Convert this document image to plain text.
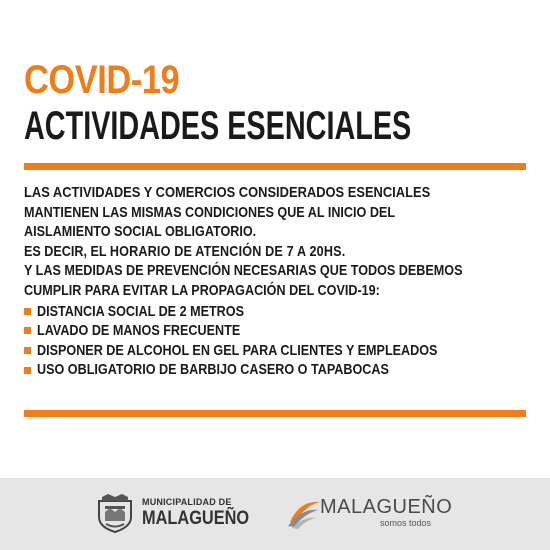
COVID-19
ACTIVIDADES ESENCIALES
LAS ACTIVIDADES Y COMERCIOS CONSIDERADOS ESENCIALES
MANTIENEN LAS MISMAS CONDICIONES QUE AL INICIO DEL
AISLAMIENTO SOCIAL OBLIGATORIO.
ES DECIR, EL HORARIO DE ATENCIÓN DE 7 A 20HS.
Y LAS MEDIDAS DE PREVENCIÓN NECESARIAS QUE TODOS DEBEMOS
CUMPLIR PARA EVITAR LA PROPAGACIÓN DEL COVID-19:
DISTANCIA SOCIAL DE 2 METROS
LAVADO DE MANOS FRECUENTE
DISPONER DE ALCOHOL EN GEL PARA CLIENTES Y EMPLEADOS
USO OBLIGATORIO DE BARBIJO CASERO O TAPABOCAS
MUNICIPALIDAD DE
MALAGUEÑO
MALAGUEÑO
somos todos
